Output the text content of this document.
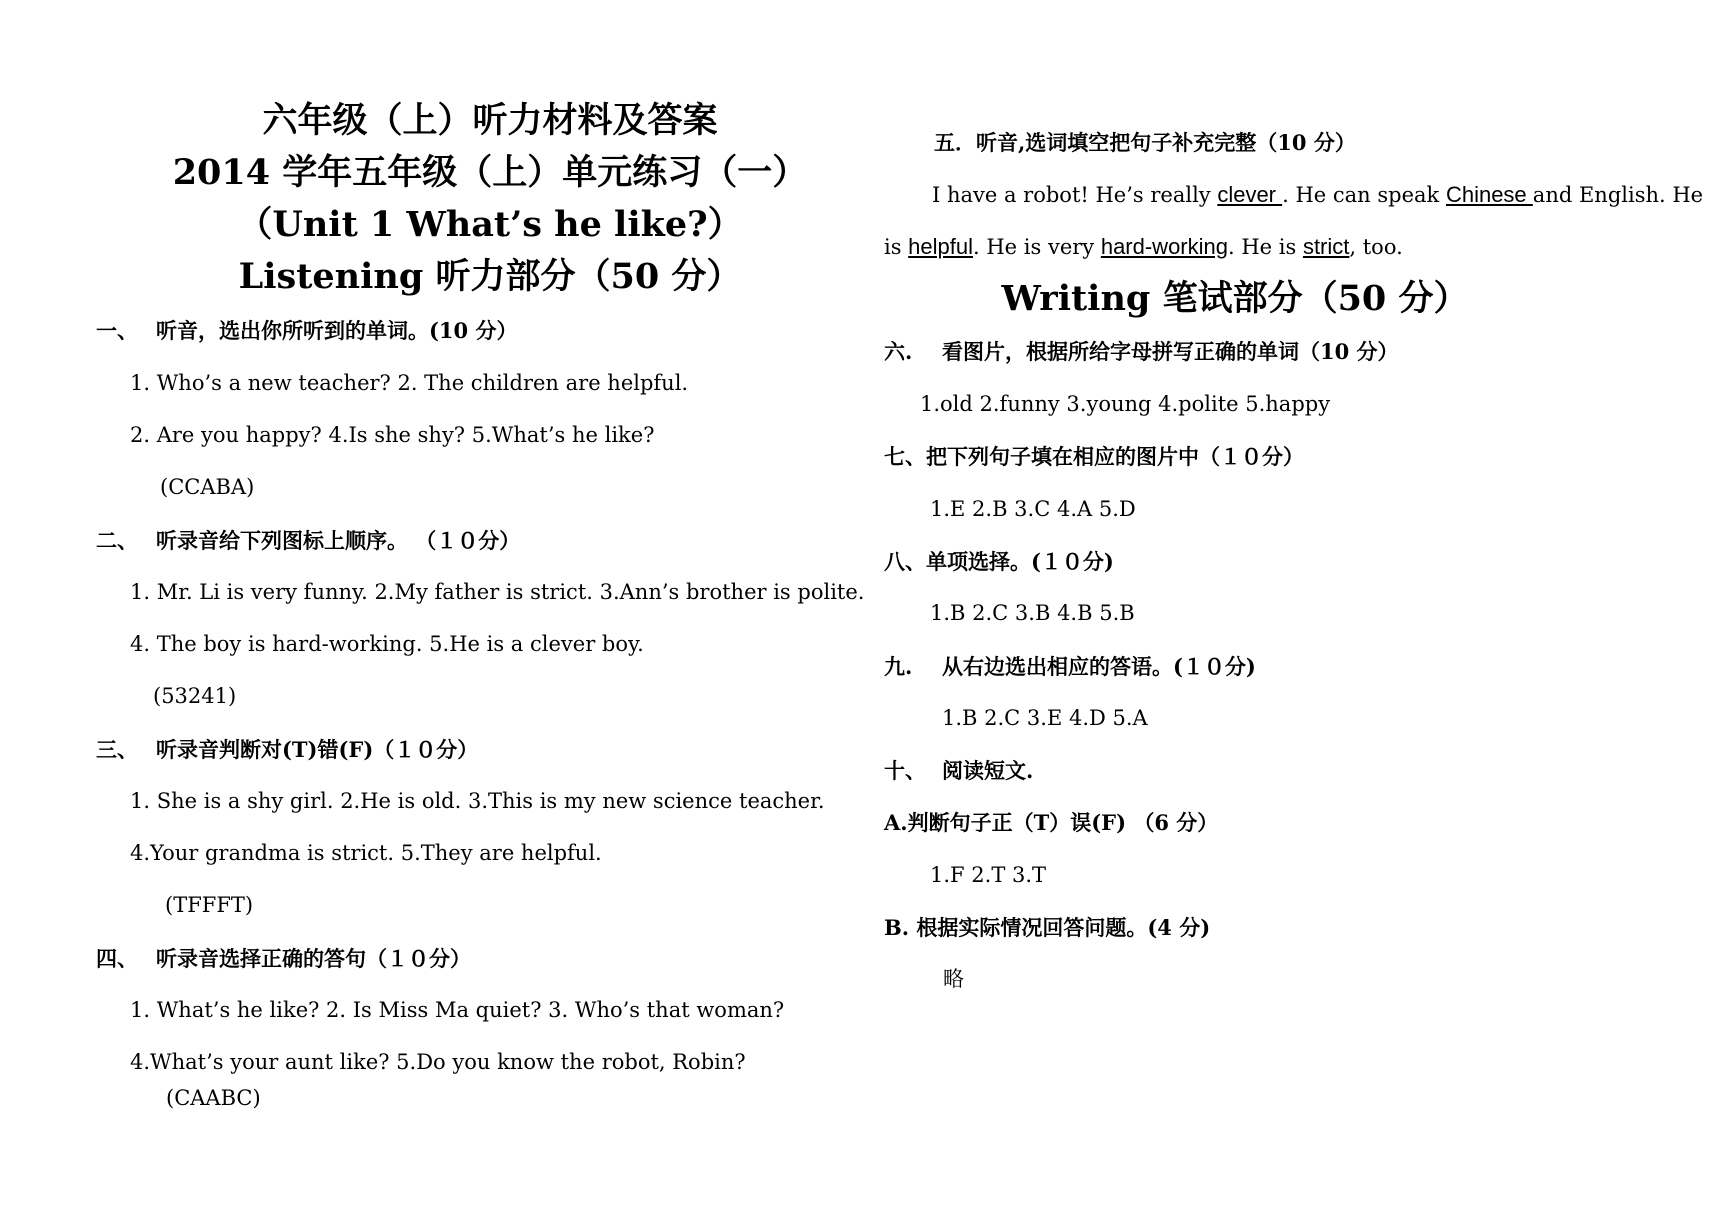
六年级（上）听力材料及答案
2014 学年五年级（上）单元练习（一）
（Unit 1 What’s he like?）
Listening 听力部分（50 分）
一、 听音，选出你所听到的单词。(10 分）
1. Who’s a new teacher? 2. The children are helpful.
2. Are you happy? 4.Is she shy? 5.What’s he like?
(CCABA)
二、 听录音给下列图标上顺序。 （１０分）
1. Mr. Li is very funny. 2.My father is strict. 3.Ann’s brother is polite.
4. The boy is hard-working. 5.He is a clever boy.
(53241)
三、 听录音判断对(T)错(F)（１０分）
1. She is a shy girl. 2.He is old. 3.This is my new science teacher.
4.Your grandma is strict. 5.They are helpful.
(TFFFT)
四、 听录音选择正确的答句（１０分）
1. What’s he like? 2. Is Miss Ma quiet? 3. Who’s that woman?
4.What’s your aunt like? 5.Do you know the robot, Robin?
(CAABC)
五．听音,选词填空把句子补充完整（10 分）
I have a robot! He’s really clever . He can speak Chinese and English. He
is helpful. He is very hard-working. He is strict, too.
Writing 笔试部分（50 分）
六. 看图片，根据所给字母拼写正确的单词（10 分）
1.old 2.funny 3.young 4.polite 5.happy
七、把下列句子填在相应的图片中（１０分）
1.E 2.B 3.C 4.A 5.D
八、单项选择。(１０分)
1.B 2.C 3.B 4.B 5.B
九. 从右边选出相应的答语。(１０分)
1.B 2.C 3.E 4.D 5.A
十、 阅读短文.
A.判断句子正（T）误(F) （6 分）
1.F 2.T 3.T
B. 根据实际情况回答问题。(4 分)
略
